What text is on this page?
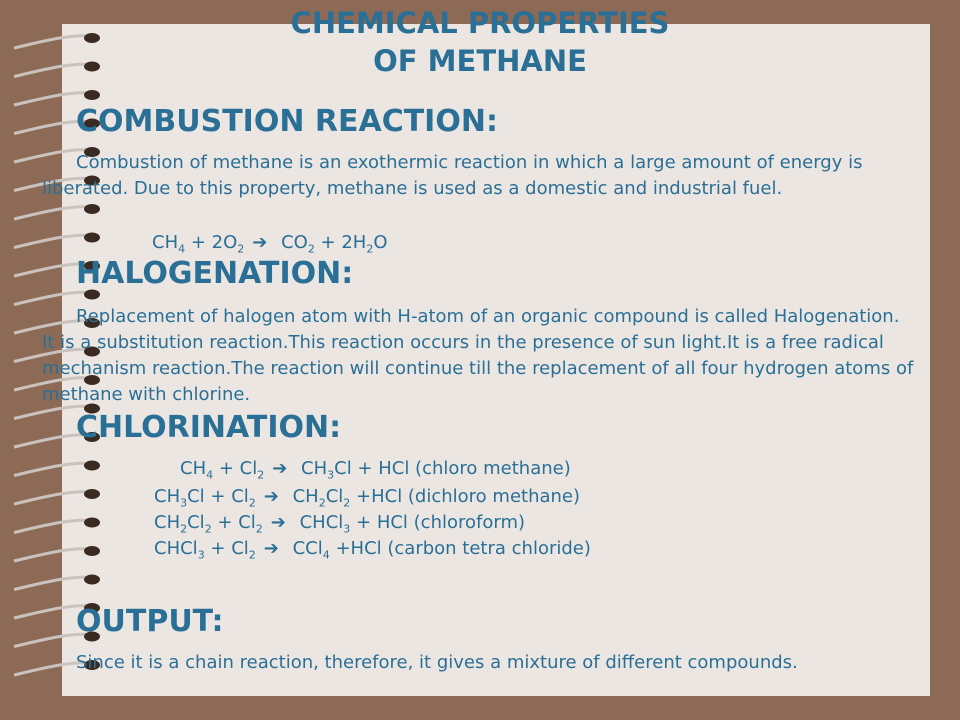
CHEMICAL PROPERTIES
OF METHANE
COMBUSTION REACTION:
Combustion of methane is an exothermic reaction in which a large amount of energy is liberated. Due to this property, methane is used as a domestic and industrial fuel.
$CH_4 + 2O_2$ ➔ $CO_2 + 2H_2O$
HALOGENATION:
Replacement of halogen atom with H-atom of an organic compound is called Halogenation. It is a substitution reaction.This reaction occurs in the presence of sun light.It is a free radical mechanism reaction.The reaction will continue till the replacement of all four hydrogen atoms of methane with chlorine.
CHLORINATION:
$CH_4 + Cl_2$ ➔ $CH_3Cl$ + HCl (chloro methane)
$CH_3Cl + Cl_2$ ➔ $CH_2Cl_2 +HCl$ (dichloro methane)
$CH_2Cl_2 + Cl_2$ ➔ CHCl$_3$ + HCl (chloroform)
CHCl$_3$ + $Cl_2$ ➔ CCl$_4$ +HCl (carbon tetra chloride)
OUTPUT:
Since it is a chain reaction, therefore, it gives a mixture of different compounds.
